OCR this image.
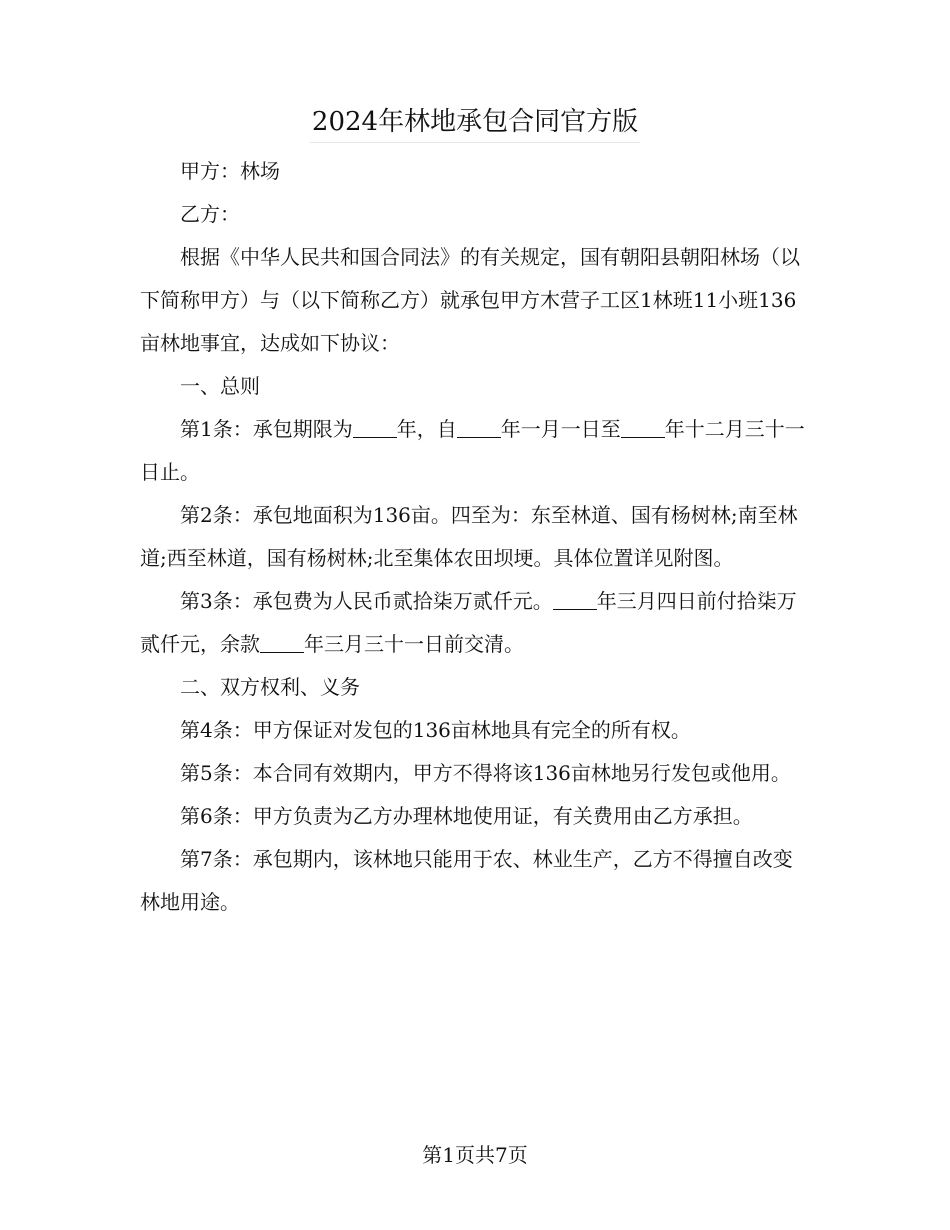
2024年林地承包合同官方版

甲方：林场

乙方：

根据《中华人民共和国合同法》的有关规定，国有朝阳县朝阳林场（以下简称甲方）与（以下简称乙方）就承包甲方木营子工区1林班11小班136亩林地事宜，达成如下协议：

一、总则

第1条：承包期限为 年，自 年一月一日至 年十二月三十一日止。

第2条：承包地面积为136亩。四至为：东至林道、国有杨树林;南至林道;西至林道，国有杨树林;北至集体农田坝埂。具体位置详见附图。

第3条：承包费为人民币贰拾柒万贰仟元。 年三月四日前付拾柒万贰仟元，余款 年三月三十一日前交清。

二、双方权利、义务

第4条：甲方保证对发包的136亩林地具有完全的所有权。

第5条：本合同有效期内，甲方不得将该136亩林地另行发包或他用。

第6条：甲方负责为乙方办理林地使用证，有关费用由乙方承担。

第7条：承包期内，该林地只能用于农、林业生产，乙方不得擅自改变林地用途。

第1页共7页
